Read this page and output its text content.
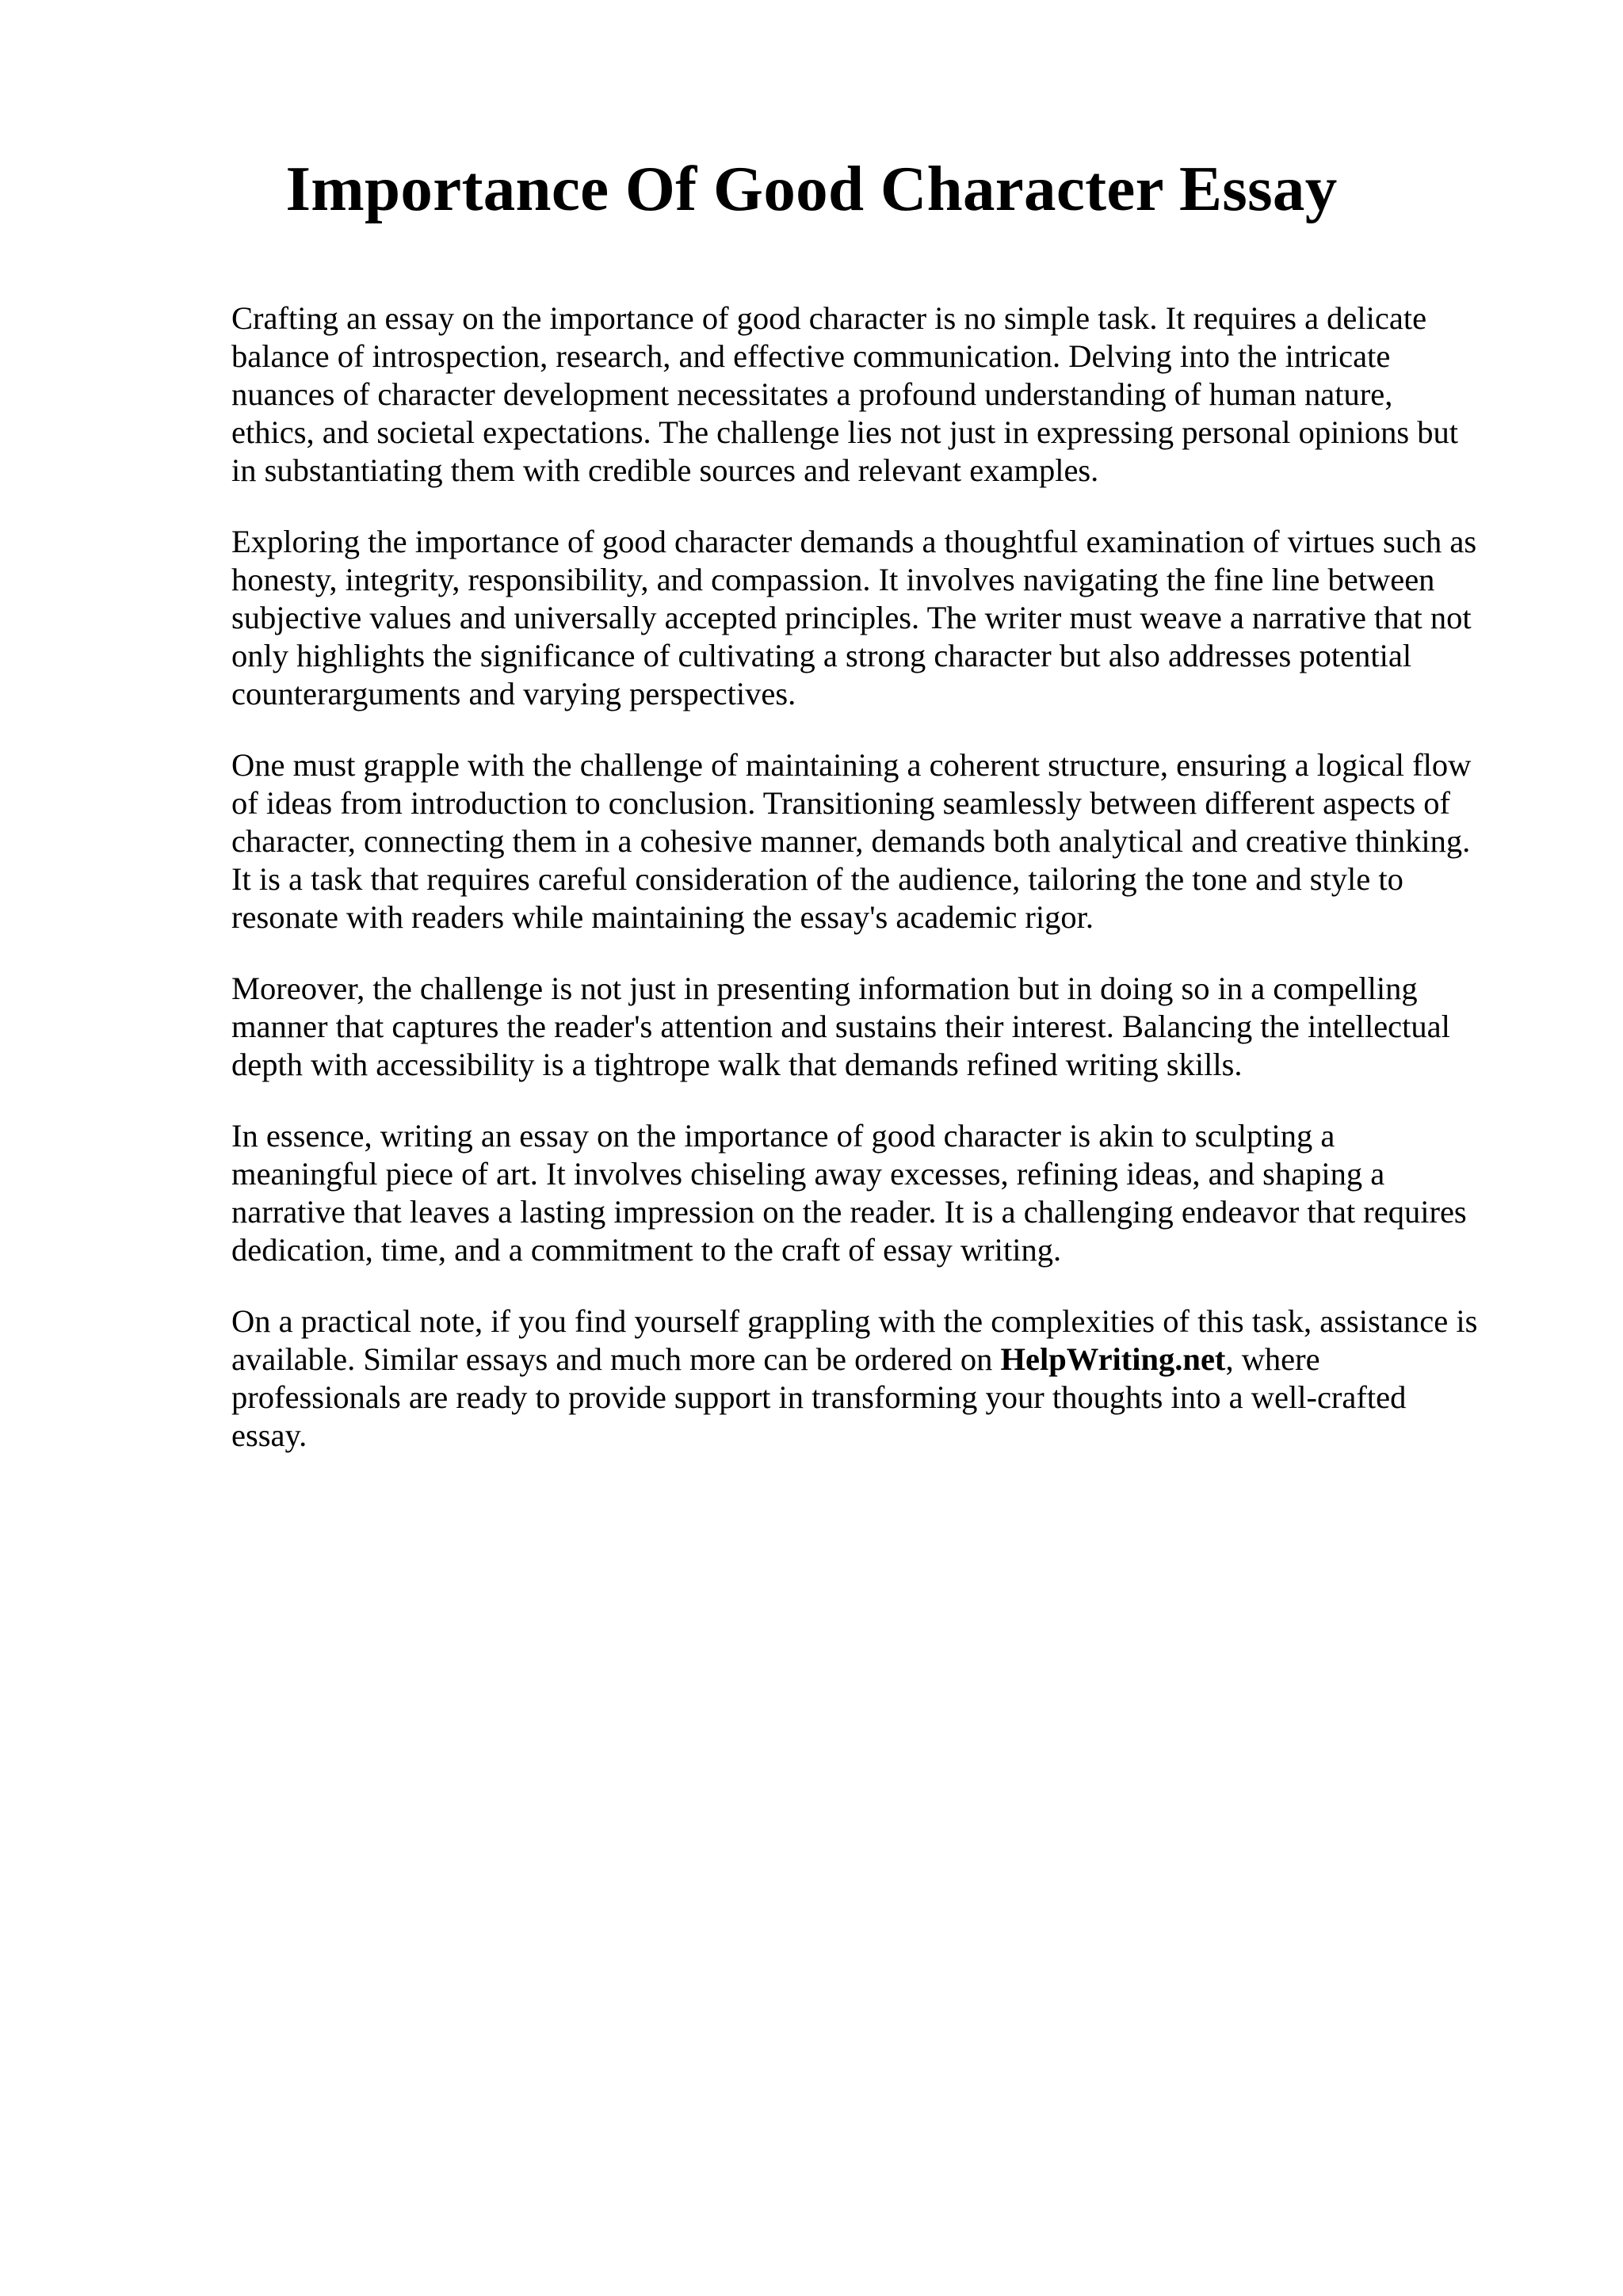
Importance Of Good Character Essay

Crafting an essay on the importance of good character is no simple task. It requires a delicate
balance of introspection, research, and effective communication. Delving into the intricate
nuances of character development necessitates a profound understanding of human nature,
ethics, and societal expectations. The challenge lies not just in expressing personal opinions but
in substantiating them with credible sources and relevant examples.

Exploring the importance of good character demands a thoughtful examination of virtues such as
honesty, integrity, responsibility, and compassion. It involves navigating the fine line between
subjective values and universally accepted principles. The writer must weave a narrative that not
only highlights the significance of cultivating a strong character but also addresses potential
counterarguments and varying perspectives.

One must grapple with the challenge of maintaining a coherent structure, ensuring a logical flow
of ideas from introduction to conclusion. Transitioning seamlessly between different aspects of
character, connecting them in a cohesive manner, demands both analytical and creative thinking.
It is a task that requires careful consideration of the audience, tailoring the tone and style to
resonate with readers while maintaining the essay's academic rigor.

Moreover, the challenge is not just in presenting information but in doing so in a compelling
manner that captures the reader's attention and sustains their interest. Balancing the intellectual
depth with accessibility is a tightrope walk that demands refined writing skills.

In essence, writing an essay on the importance of good character is akin to sculpting a
meaningful piece of art. It involves chiseling away excesses, refining ideas, and shaping a
narrative that leaves a lasting impression on the reader. It is a challenging endeavor that requires
dedication, time, and a commitment to the craft of essay writing.

On a practical note, if you find yourself grappling with the complexities of this task, assistance is
available. Similar essays and much more can be ordered on HelpWriting.net, where
professionals are ready to provide support in transforming your thoughts into a well-crafted
essay.
